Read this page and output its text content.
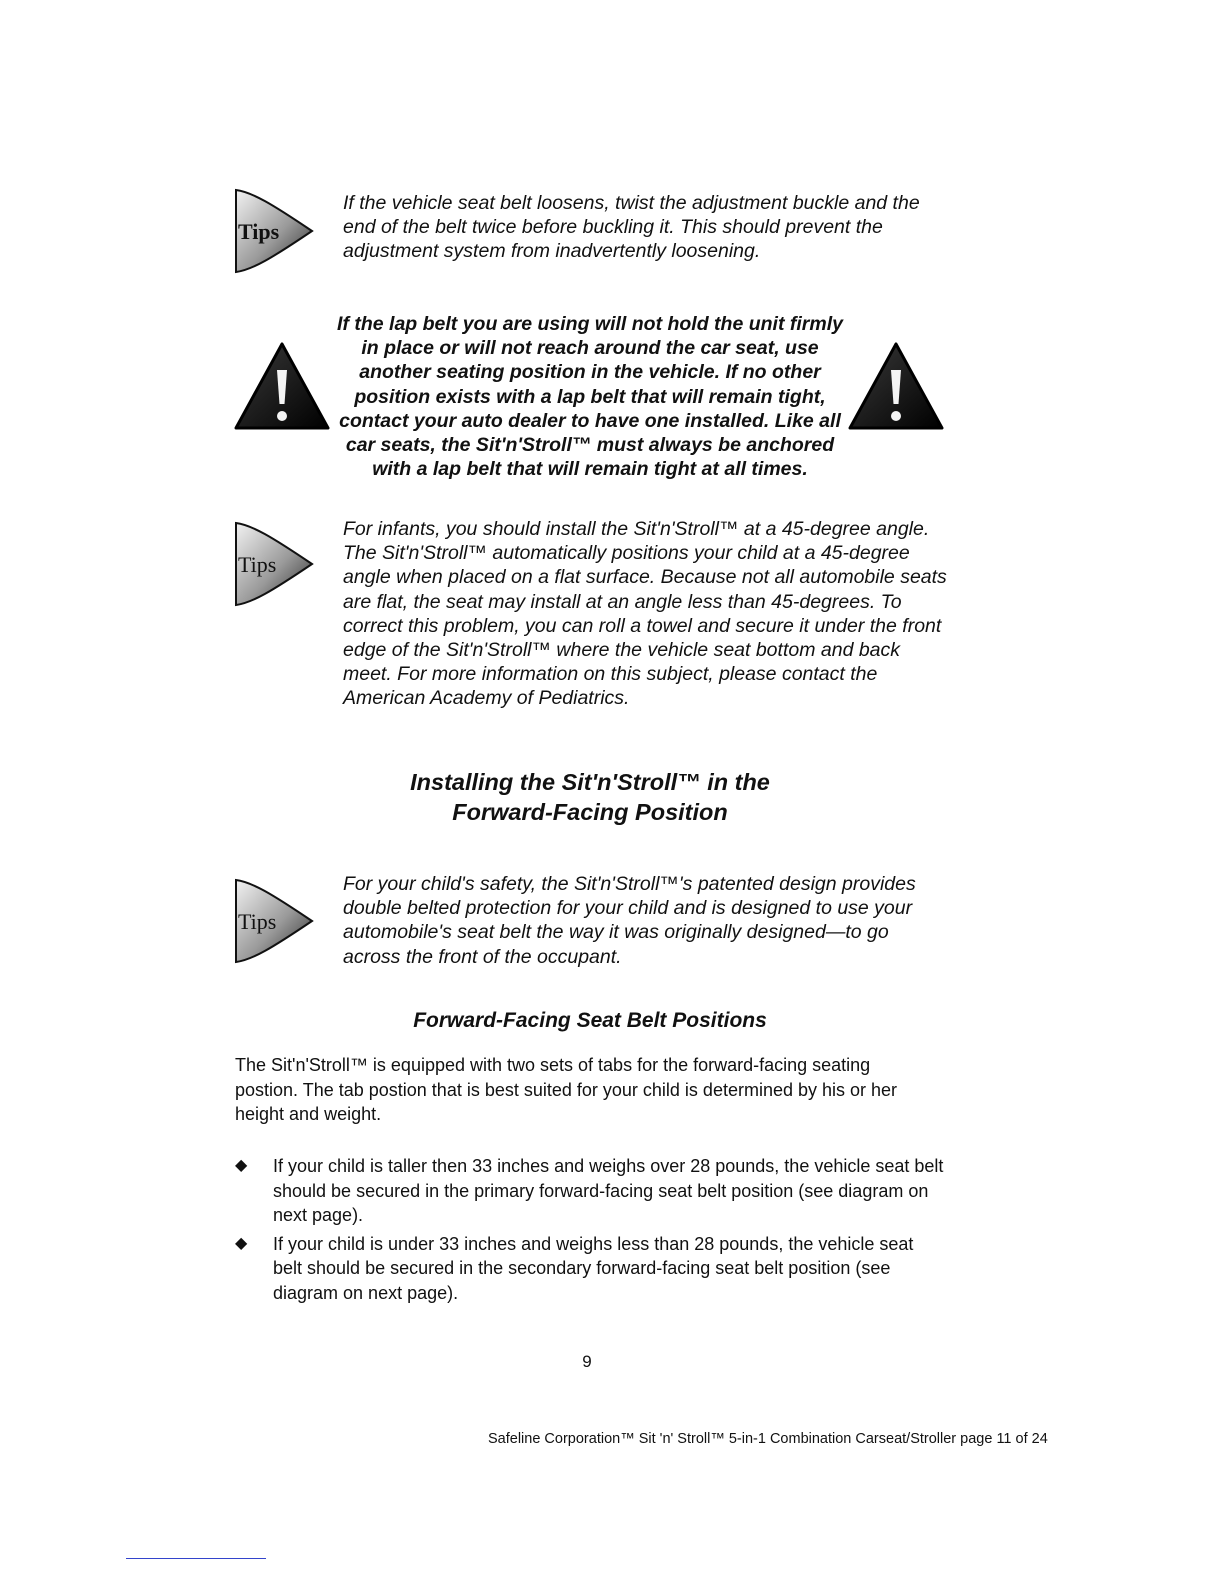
Tips

If the vehicle seat belt loosens, twist the adjustment buckle and the end of the belt twice before buckling it. This should prevent the adjustment system from inadvertently loosening.

If the lap belt you are using will not hold the unit firmly
in place or will not reach around the car seat, use
another seating position in the vehicle. If no other
position exists with a lap belt that will remain tight,
contact your auto dealer to have one installed. Like all
car seats, the Sit'n'Stroll™ must always be anchored
with a lap belt that will remain tight at all times.
Tips

For infants, you should install the Sit'n'Stroll™ at a 45-degree angle. The Sit'n'Stroll™ automatically positions your child at a 45-degree angle when placed on a flat surface. Because not all automobile seats are flat, the seat may install at an angle less than 45-degrees. To correct this problem, you can roll a towel and secure it under the front edge of the Sit'n'Stroll™ where the vehicle seat bottom and back meet. For more information on this subject, please contact the American Academy of Pediatrics.

Installing the Sit'n'Stroll™ in the
Forward-Facing Position
Tips

For your child's safety, the Sit'n'Stroll™'s patented design provides double belted protection for your child and is designed to use your automobile's seat belt the way it was originally designed—to go across the front of the occupant.

Forward-Facing Seat Belt Positions

The Sit'n'Stroll™ is equipped with two sets of tabs for the forward-facing seating postion. The tab postion that is best suited for your child is determined by his or her height and weight.

◆ If your child is taller then 33 inches and weighs over 28 pounds, the vehicle seat belt should be secured in the primary forward-facing seat belt position (see diagram on next page).
◆ If your child is under 33 inches and weighs less than 28 pounds, the vehicle seat belt should be secured in the secondary forward-facing seat belt position (see diagram on next page).
9
Safeline Corporation™ Sit 'n' Stroll™ 5-in-1 Combination Carseat/Stroller page 11 of 24
